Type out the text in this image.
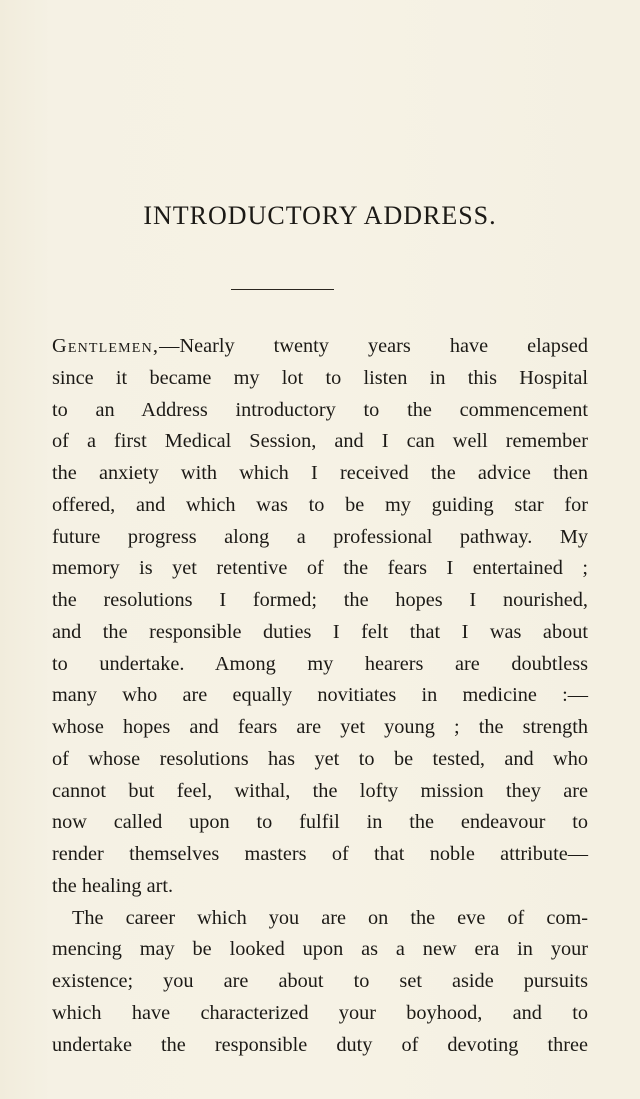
INTRODUCTORY ADDRESS.
Gentlemen,—Nearly twenty years have elapsed
since it became my lot to listen in this Hospital
to an Address introductory to the commencement
of a first Medical Session, and I can well remember
the anxiety with which I received the advice then
offered, and which was to be my guiding star for
future progress along a professional pathway. My
memory is yet retentive of the fears I entertained ;
the resolutions I formed; the hopes I nourished,
and the responsible duties I felt that I was about
to undertake. Among my hearers are doubtless
many who are equally novitiates in medicine :—
whose hopes and fears are yet young ; the strength
of whose resolutions has yet to be tested, and who
cannot but feel, withal, the lofty mission they are
now called upon to fulfil in the endeavour to
render themselves masters of that noble attribute—
the healing art.
The career which you are on the eve of com-
mencing may be looked upon as a new era in your
existence; you are about to set aside pursuits
which have characterized your boyhood, and to
undertake the responsible duty of devoting three
